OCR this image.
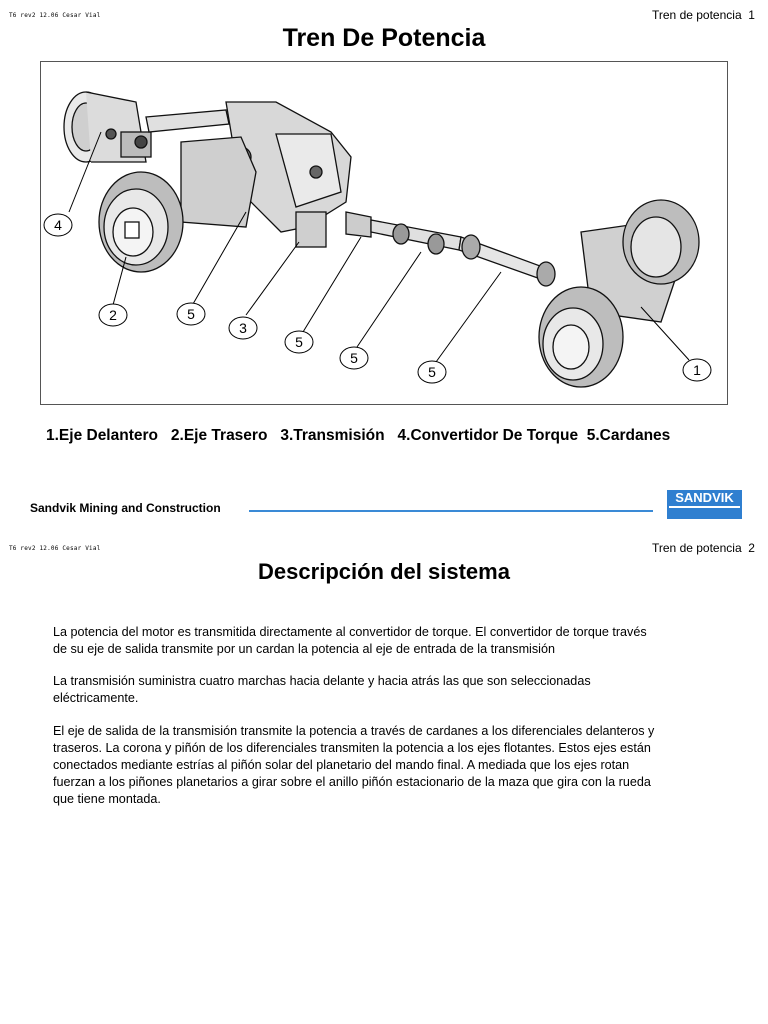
T6 rev2 12.06 Cesar Vial	Tren de potencia 1
Tren De Potencia
4
2	5
3
5
5
5	1
1.Eje Delantero 2.Eje Trasero 3.Transmisión 4.Convertidor De Torque 5.Cardanes
Sandvik Mining and Construction
SANDVIK
T6 rev2 12.06 Cesar Vial	Tren de potencia 2
Descripción del sistema
La potencia del motor es transmitida directamente al convertidor de torque. El convertidor de torque través
de su eje de salida transmite por un cardan la potencia al eje de entrada de la transmisión
La transmisión suministra cuatro marchas hacia delante y hacia atrás las que son seleccionadas
eléctricamente.
El eje de salida de la transmisión transmite la potencia a través de cardanes a los diferenciales delanteros y
traseros. La corona y piñón de los diferenciales transmiten la potencia a los ejes flotantes. Estos ejes están
conectados mediante estrías al piñón solar del planetario del mando final. A mediada que los ejes rotan
fuerzan a los piñones planetarios a girar sobre el anillo piñón estacionario de la maza que gira con la rueda
que tiene montada.
